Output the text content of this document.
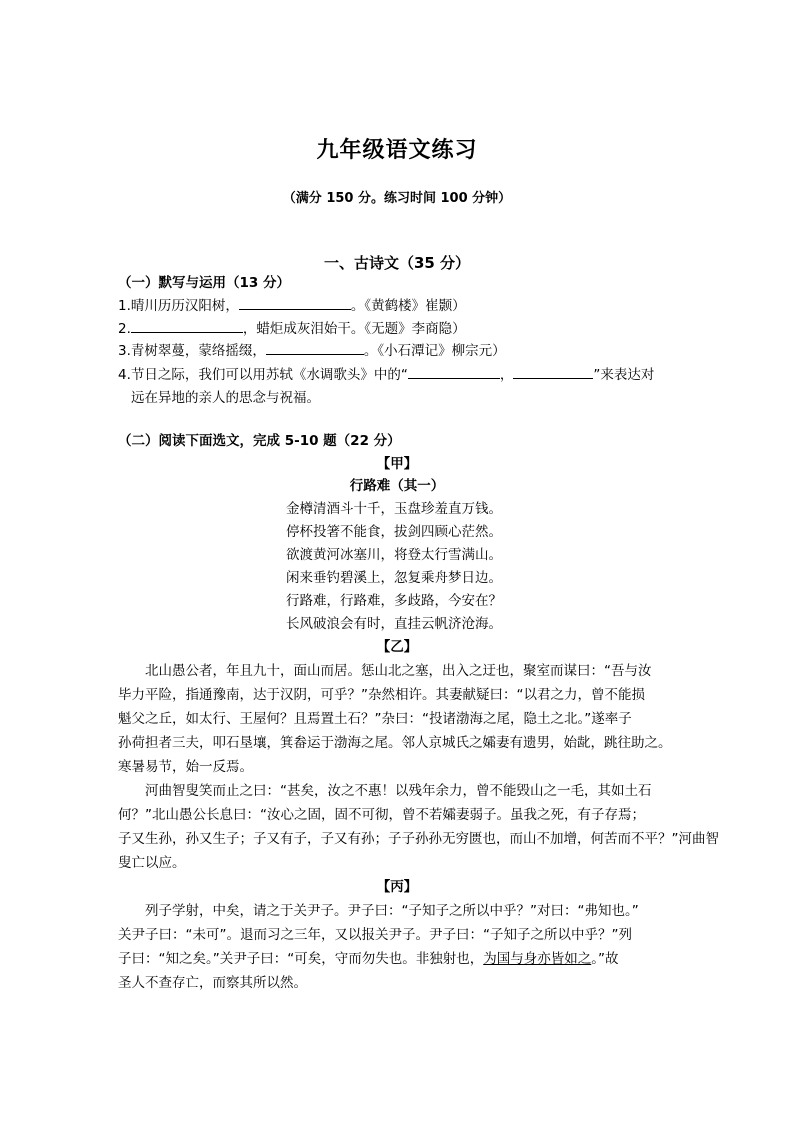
九年级语文练习
（满分 150 分。练习时间 100 分钟）
一、古诗文（35 分）
（一）默写与运用（13 分）
1.晴川历历汉阳树，	。《黄鹤楼》崔颢）
2.	，蜡炬成灰泪始干。《无题》李商隐）
3.青树翠蔓，蒙络摇缀，	。《小石潭记》柳宗元）
4.节日之际，我们可以用苏轼《水调歌头》中的“	，	”来表达对
远在异地的亲人的思念与祝福。
（二）阅读下面选文，完成 5-10 题（22 分）
【甲】
行路难（其一）
金樽清酒斗十千，玉盘珍羞直万钱。
停杯投箸不能食，拔剑四顾心茫然。
欲渡黄河冰塞川，将登太行雪满山。
闲来垂钓碧溪上，忽复乘舟梦日边。
行路难，行路难，多歧路，今安在？
长风破浪会有时，直挂云帆济沧海。
【乙】
北山愚公者，年且九十，面山而居。惩山北之塞，出入之迂也，聚室而谋曰：“吾与汝
毕力平险，指通豫南，达于汉阴，可乎？”杂然相许。其妻献疑曰：“以君之力，曾不能损
魁父之丘，如太行、王屋何？且焉置土石？”杂曰：“投诸渤海之尾，隐土之北。”遂率子
孙荷担者三夫，叩石垦壤，箕畚运于渤海之尾。邻人京城氏之孀妻有遗男，始龀，跳往助之。
寒暑易节，始一反焉。
河曲智叟笑而止之曰：“甚矣，汝之不惠！以残年余力，曾不能毁山之一毛，其如土石
何？”北山愚公长息曰：“汝心之固，固不可彻，曾不若孀妻弱子。虽我之死，有子存焉；
子又生孙，孙又生子；子又有子，子又有孙；子子孙孙无穷匮也，而山不加增，何苦而不平？”河曲智
叟亡以应。
【丙】
列子学射，中矣，请之于关尹子。尹子曰：“子知子之所以中乎？”对曰：“弗知也。”
关尹子曰：“未可”。退而习之三年，又以报关尹子。尹子曰：“子知子之所以中乎？”列
子曰：“知之矣。”关尹子曰：“可矣，守而勿失也。非独射也，为国与身亦皆如之。”故
圣人不查存亡，而察其所以然。
